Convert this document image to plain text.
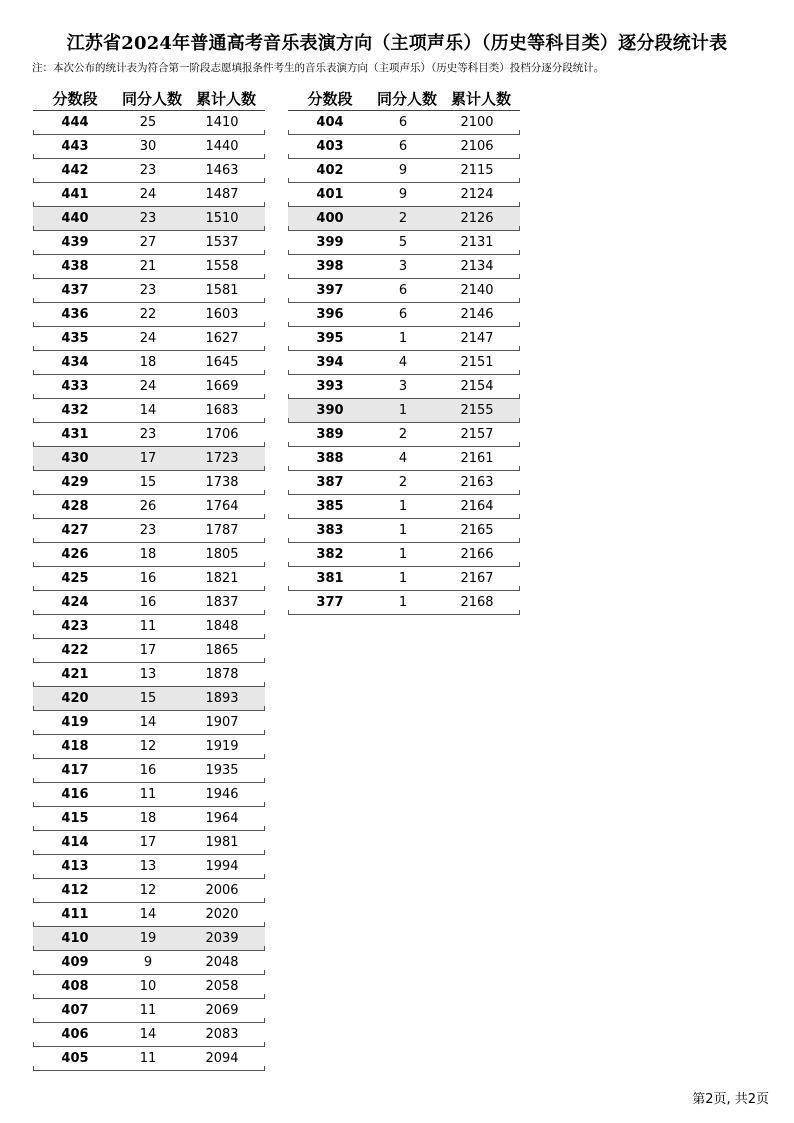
江苏省2024年普通高考音乐表演方向（主项声乐）（历史等科目类）逐分段统计表
注：本次公布的统计表为符合第一阶段志愿填报条件考生的音乐表演方向（主项声乐）（历史等科目类）投档分逐分段统计。
分数段	同分人数 累计人数
444	25	1410
443	30	1440
442	23	1463
441	24	1487
440	23	1510
439	27	1537
438	21	1558
437	23	1581
436	22	1603
435	24	1627
434	18	1645
433	24	1669
432	14	1683
431	23	1706
430	17	1723
429	15	1738
428	26	1764
427	23	1787
426	18	1805
425	16	1821
424	16	1837
423	11	1848
422	17	1865
421	13	1878
420	15	1893
419	14	1907
418	12	1919
417	16	1935
416	11	1946
415	18	1964
414	17	1981
413	13	1994
412	12	2006
411	14	2020
410	19	2039
409	9	2048
408	10	2058
407	11	2069
406	14	2083
405	11	2094
分数段	同分人数 累计人数
404	6	2100
403	6	2106
402	9	2115
401	9	2124
400	2	2126
399	5	2131
398	3	2134
397	6	2140
396	6	2146
395	1	2147
394	4	2151
393	3	2154
390	1	2155
389	2	2157
388	4	2161
387	2	2163
385	1	2164
383	1	2165
382	1	2166
381	1	2167
377	1	2168
第2页, 共2页
